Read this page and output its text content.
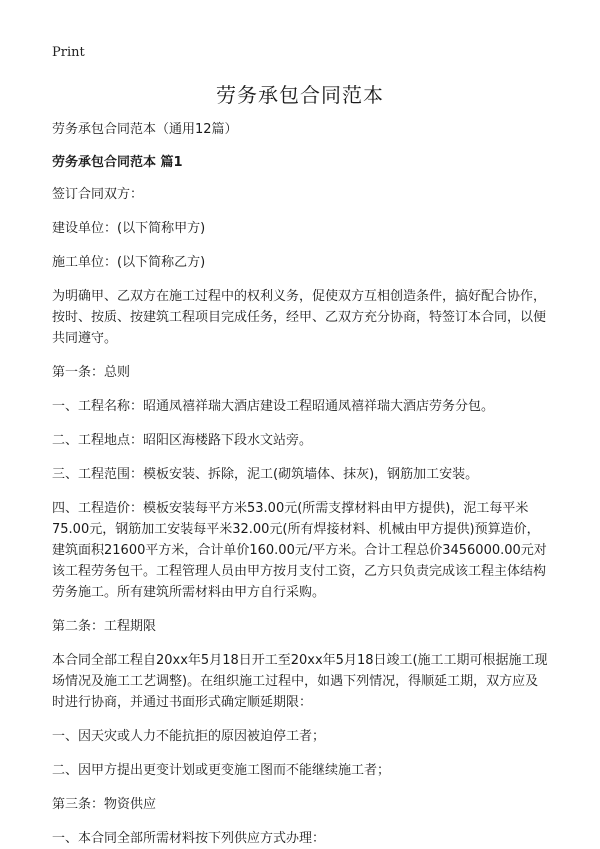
Print
劳务承包合同范本

劳务承包合同范本（通用12篇）

劳务承包合同范本 篇1

签订合同双方：

建设单位：(以下简称甲方)

施工单位：(以下简称乙方)

为明确甲、乙双方在施工过程中的权利义务，促使双方互相创造条件，搞好配合协作，按时、按质、按建筑工程项目完成任务，经甲、乙双方充分协商，特签订本合同，以便共同遵守。

第一条：总则

一、工程名称：昭通凤禧祥瑞大酒店建设工程昭通凤禧祥瑞大酒店劳务分包。

二、工程地点：昭阳区海楼路下段水文站旁。

三、工程范围：模板安装、拆除，泥工(砌筑墙体、抹灰)，钢筋加工安装。

四、工程造价：模板安装每平方米53.00元(所需支撑材料由甲方提供)，泥工每平米75.00元，钢筋加工安装每平米32.00元(所有焊接材料、机械由甲方提供)预算造价，建筑面积21600平方米，合计单价160.00元/平方米。合计工程总价3456000.00元对该工程劳务包干。工程管理人员由甲方按月支付工资，乙方只负责完成该工程主体结构劳务施工。所有建筑所需材料由甲方自行采购。

第二条：工程期限

本合同全部工程自20xx年5月18日开工至20xx年5月18日竣工(施工工期可根据施工现场情况及施工工艺调整)。在组织施工过程中，如遇下列情况，得顺延工期，双方应及时进行协商，并通过书面形式确定顺延期限：

一、因天灾或人力不能抗拒的原因被迫停工者；

二、因甲方提出更变计划或更变施工图而不能继续施工者；

第三条：物资供应

一、本合同全部所需材料按下列供应方式办理：
